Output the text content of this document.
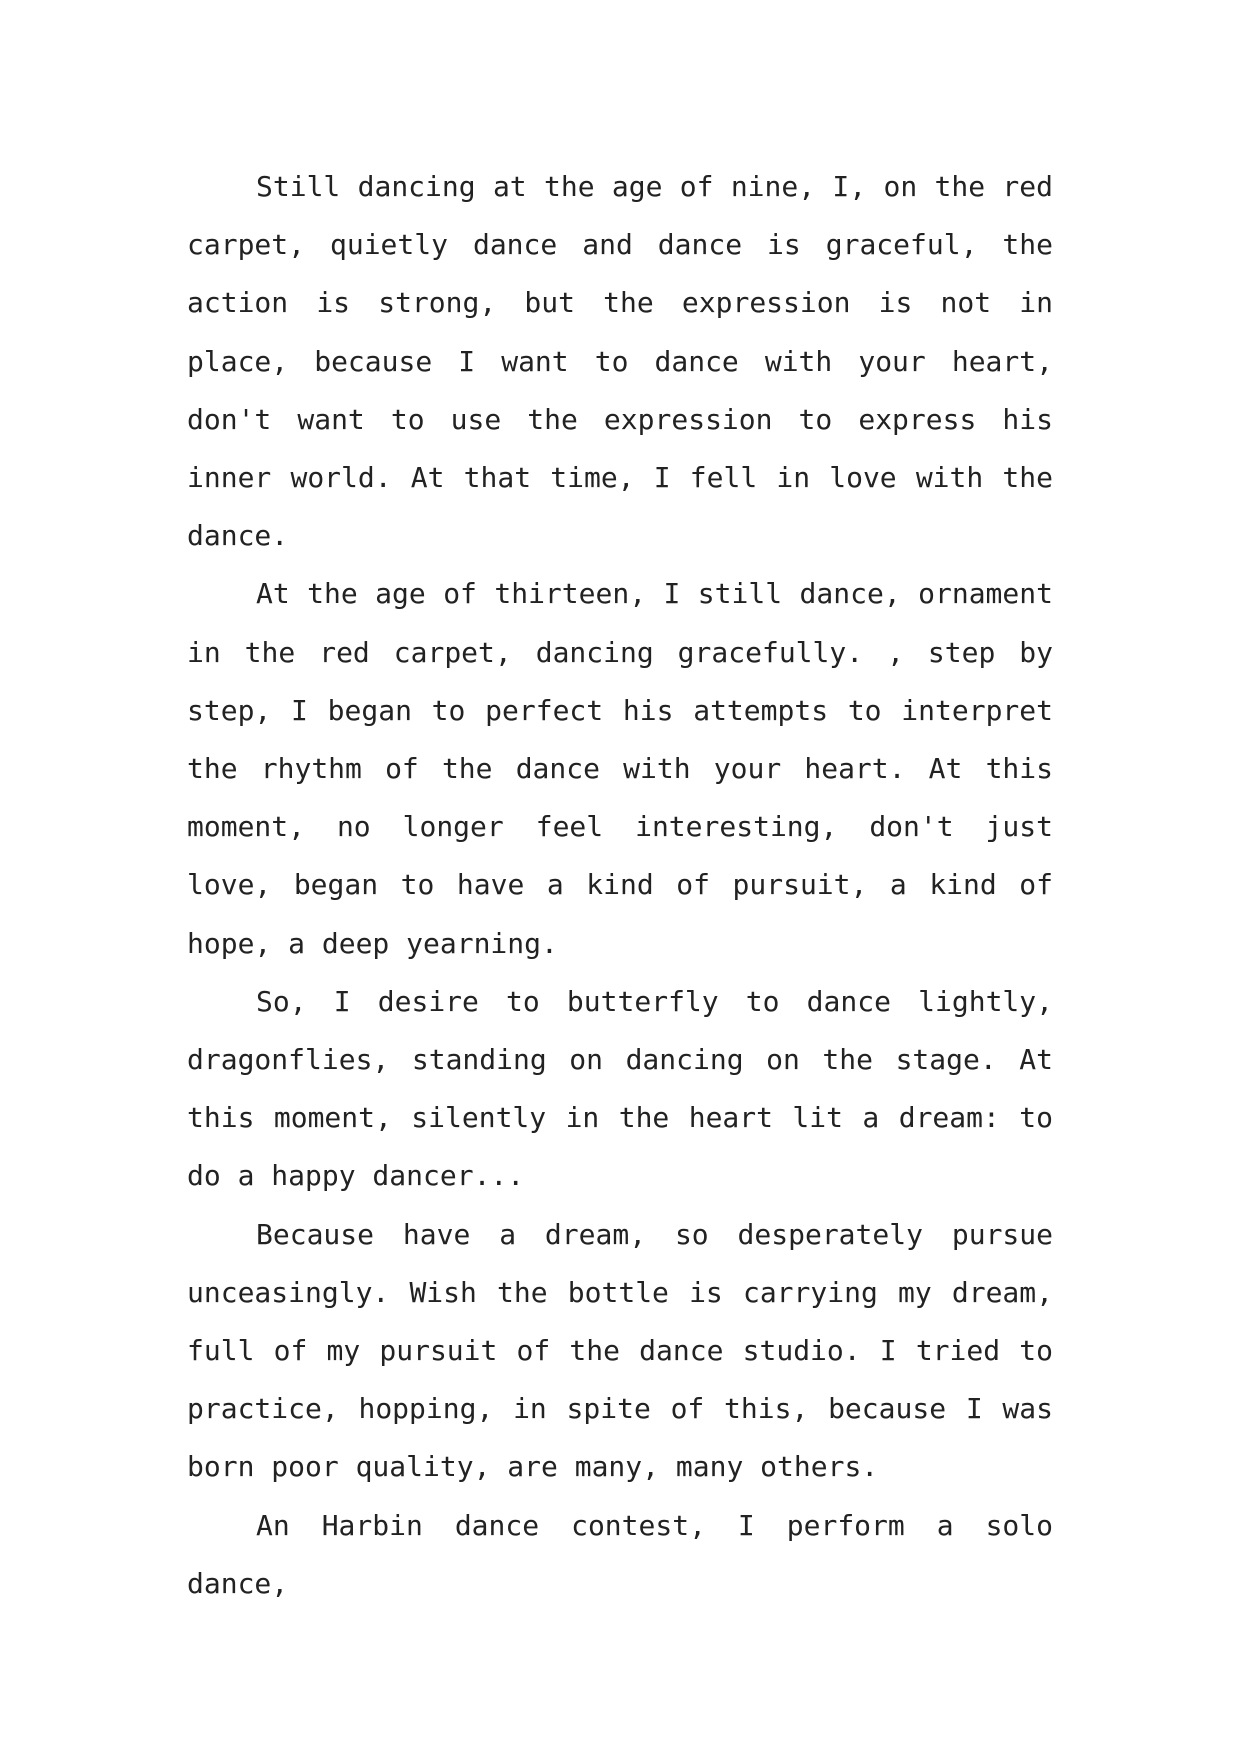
Still dancing at the age of nine, I, on the red carpet, quietly dance and dance is graceful, the action is strong, but the expression is not in place, because I want to dance with your heart, don't want to use the expression to express his inner world. At that time, I fell in love with the dance.

At the age of thirteen, I still dance, ornament in the red carpet, dancing gracefully. , step by step, I began to perfect his attempts to interpret the rhythm of the dance with your heart. At this moment, no longer feel interesting, don't just love, began to have a kind of pursuit, a kind of hope, a deep yearning.

So, I desire to butterfly to dance lightly, dragonflies, standing on dancing on the stage. At this moment, silently in the heart lit a dream: to do a happy dancer...

Because have a dream, so desperately pursue unceasingly. Wish the bottle is carrying my dream, full of my pursuit of the dance studio. I tried to practice, hopping, in spite of this, because I was born poor quality, are many, many others.

An Harbin dance contest, I perform a solo dance,
